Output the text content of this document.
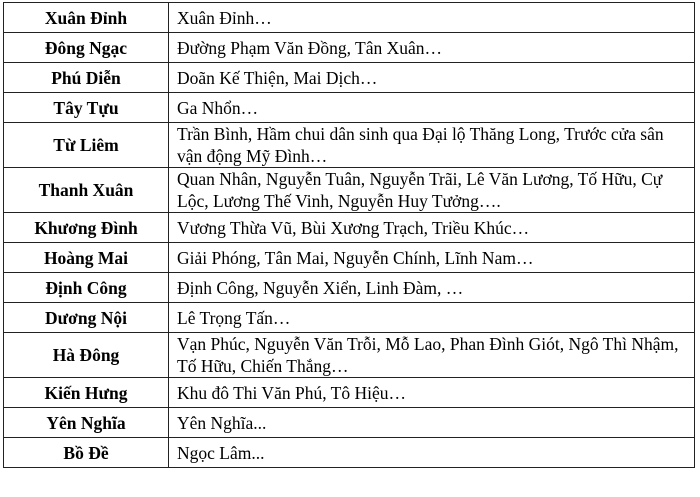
Xuân Đỉnh	Xuân Đỉnh…
Đông Ngạc	Đường Phạm Văn Đồng, Tân Xuân…
Phú Diễn	Doãn Kế Thiện, Mai Dịch…
Tây Tựu	Ga Nhổn…
Từ Liêm	Trần Bình, Hầm chui dân sinh qua Đại lộ Thăng Long, Trước cửa sân vận động Mỹ Đình…
Thanh Xuân	Quan Nhân, Nguyễn Tuân, Nguyễn Trãi, Lê Văn Lương, Tố Hữu, Cự Lộc, Lương Thế Vinh, Nguyễn Huy Tưởng….
Khương Đình	Vương Thừa Vũ, Bùi Xương Trạch, Triều Khúc…
Hoàng Mai	Giải Phóng, Tân Mai, Nguyễn Chính, Lĩnh Nam…
Định Công	Định Công, Nguyễn Xiển, Linh Đàm, …
Dương Nội	Lê Trọng Tấn…
Hà Đông	Vạn Phúc, Nguyễn Văn Trỗi, Mỗ Lao, Phan Đình Giót, Ngô Thì Nhậm, Tố Hữu, Chiến Thắng…
Kiến Hưng	Khu đô Thi Văn Phú, Tô Hiệu…
Yên Nghĩa	Yên Nghĩa...
Bồ Đề	Ngọc Lâm...
